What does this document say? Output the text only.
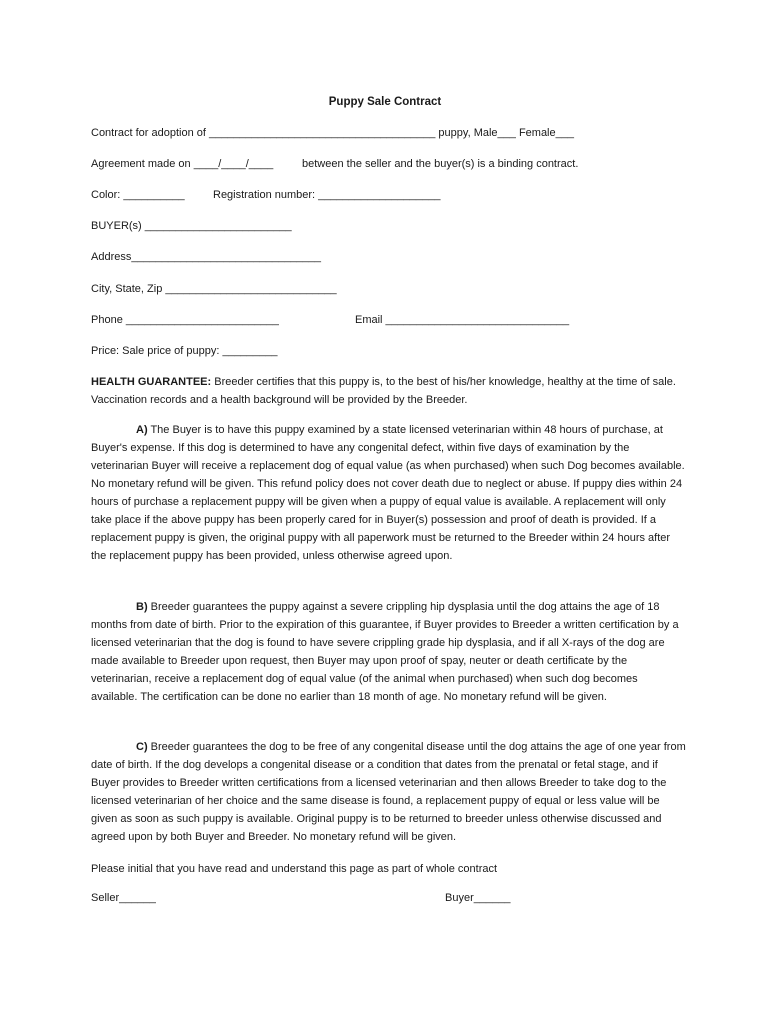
Puppy Sale Contract
Contract for adoption of _____________________________________ puppy, Male___ Female___
Agreement made on ____/____/____	between the seller and the buyer(s) is a binding contract.
Color: __________	Registration number: ____________________
BUYER(s) ________________________
Address_______________________________
City, State, Zip ____________________________
Phone _________________________	Email ______________________________
Price: Sale price of puppy: _________
HEALTH GUARANTEE: Breeder certifies that this puppy is, to the best of his/her knowledge, healthy at the time of sale. Vaccination records and a health background will be provided by the Breeder.
A) The Buyer is to have this puppy examined by a state licensed veterinarian within 48 hours of purchase, at Buyer's expense. If this dog is determined to have any congenital defect, within five days of examination by the veterinarian Buyer will receive a replacement dog of equal value (as when purchased) when such Dog becomes available. No monetary refund will be given. This refund policy does not cover death due to neglect or abuse. If puppy dies within 24 hours of purchase a replacement puppy will be given when a puppy of equal value is available. A replacement will only take place if the above puppy has been properly cared for in Buyer(s) possession and proof of death is provided. If a replacement puppy is given, the original puppy with all paperwork must be returned to the Breeder within 24 hours after the replacement puppy has been provided, unless otherwise agreed upon.
B) Breeder guarantees the puppy against a severe crippling hip dysplasia until the dog attains the age of 18 months from date of birth. Prior to the expiration of this guarantee, if Buyer provides to Breeder a written certification by a licensed veterinarian that the dog is found to have severe crippling grade hip dysplasia, and if all X-rays of the dog are made available to Breeder upon request, then Buyer may upon proof of spay, neuter or death certificate by the veterinarian, receive a replacement dog of equal value (of the animal when purchased) when such dog becomes available. The certification can be done no earlier than 18 month of age. No monetary refund will be given.
C) Breeder guarantees the dog to be free of any congenital disease until the dog attains the age of one year from date of birth. If the dog develops a congenital disease or a condition that dates from the prenatal or fetal stage, and if Buyer provides to Breeder written certifications from a licensed veterinarian and then allows Breeder to take dog to the licensed veterinarian of her choice and the same disease is found, a replacement puppy of equal or less value will be given as soon as such puppy is available. Original puppy is to be returned to breeder unless otherwise discussed and agreed upon by both Buyer and Breeder. No monetary refund will be given.
Please initial that you have read and understand this page as part of whole contract
Seller______	Buyer______
